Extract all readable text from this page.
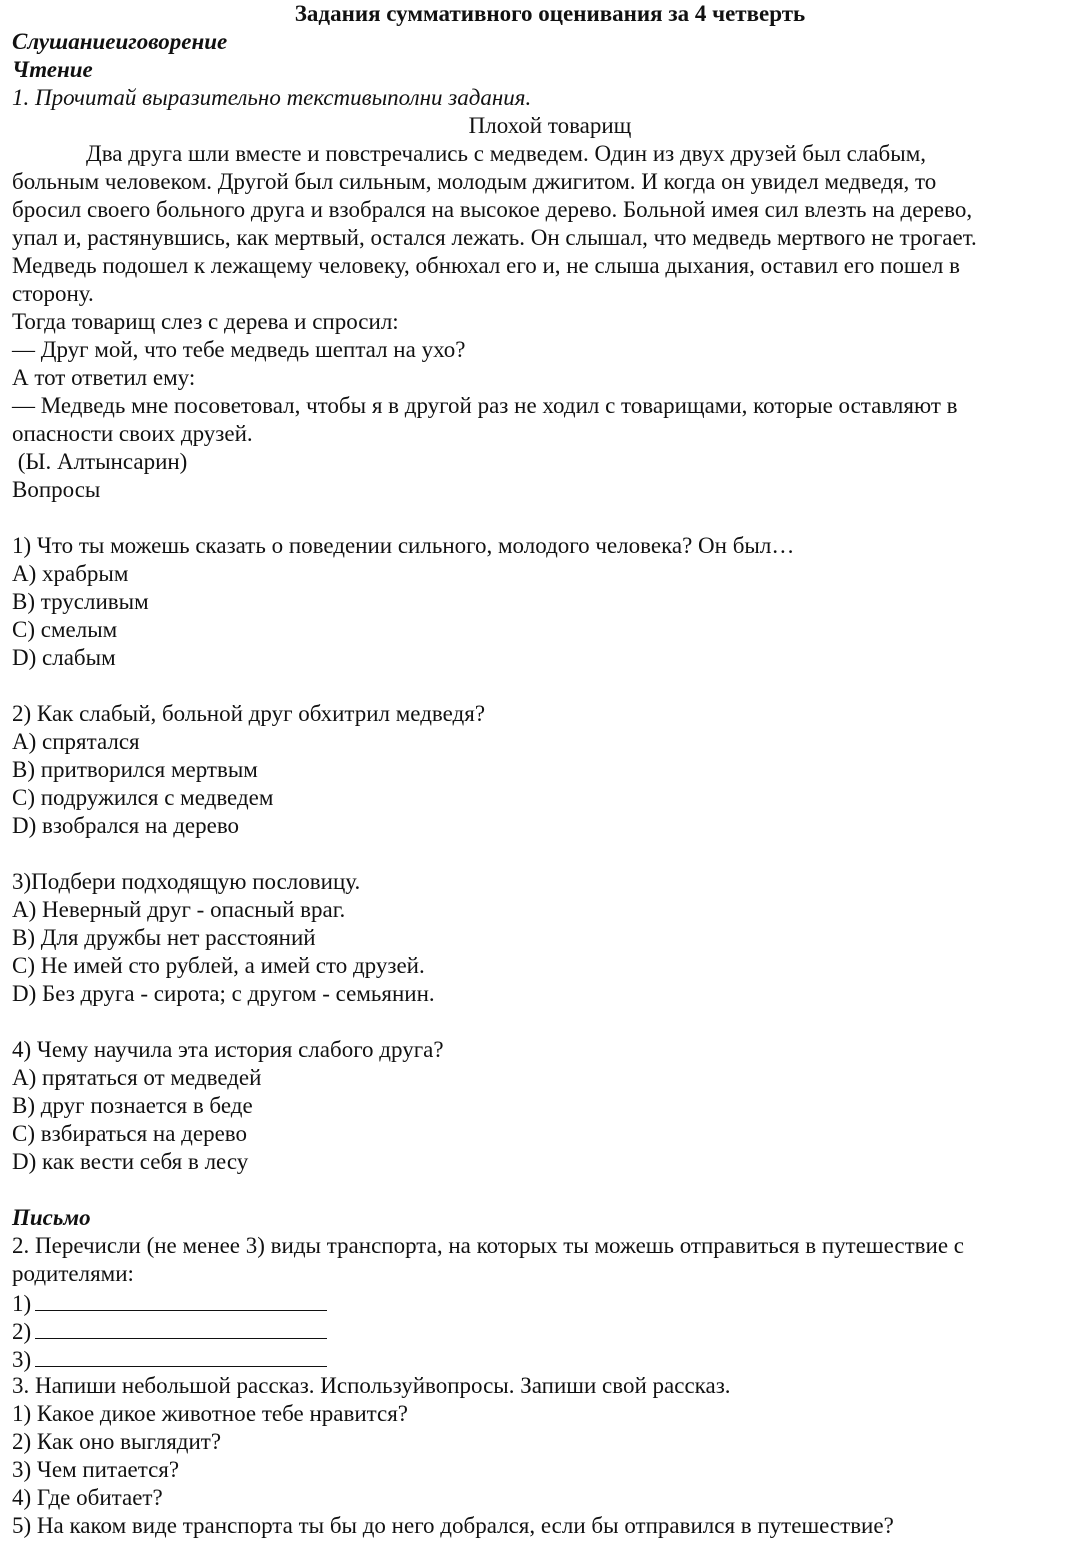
Задания суммативного оценивания за 4 четверть
Слушаниеиговорение
Чтение
1. Прочитай выразительно текстивыполни задания.
Плохой товарищ
Два друга шли вместе и повстречались с медведем. Один из двух друзей был слабым,
больным человеком. Другой был сильным, молодым джигитом. И когда он увидел медведя, то
бросил своего больного друга и взобрался на высокое дерево. Больной имея сил влезть на дерево,
упал и, растянувшись, как мертвый, остался лежать. Он слышал, что медведь мертвого не трогает.
Медведь подошел к лежащему человеку, обнюхал его и, не слыша дыхания, оставил его пошел в
сторону.
Тогда товарищ слез с дерева и спросил:
— Друг мой, что тебе медведь шептал на ухо?
А тот ответил ему:
— Медведь мне посоветовал, чтобы я в другой раз не ходил с товарищами, которые оставляют в
опасности своих друзей.
(Ы. Алтынсарин)
Вопросы
1) Что ты можешь сказать о поведении сильного, молодого человека? Он был…
А) храбрым
В) трусливым
С) смелым
D) слабым
2) Как слабый, больной друг обхитрил медведя?
А) спрятался
В) притворился мертвым
С) подружился с медведем
D) взобрался на дерево
3)Подбери подходящую пословицу.
А) Неверный друг - опасный враг.
В) Для дружбы нет расстояний
С) Не имей сто рублей, а имей сто друзей.
D) Без друга - сирота; с другом - семьянин.
4) Чему научила эта история слабого друга?
А) прятаться от медведей
В) друг познается в беде
С) взбираться на дерево
D) как вести себя в лесу
Письмо
2. Перечисли (не менее 3) виды транспорта, на которых ты можешь отправиться в путешествие с
родителями:
1)
2)
3)
3. Напиши небольшой рассказ. Используйвопросы. Запиши свой рассказ.
1) Какое дикое животное тебе нравится?
2) Как оно выглядит?
3) Чем питается?
4) Где обитает?
5) На каком виде транспорта ты бы до него добрался, если бы отправился в путешествие?
